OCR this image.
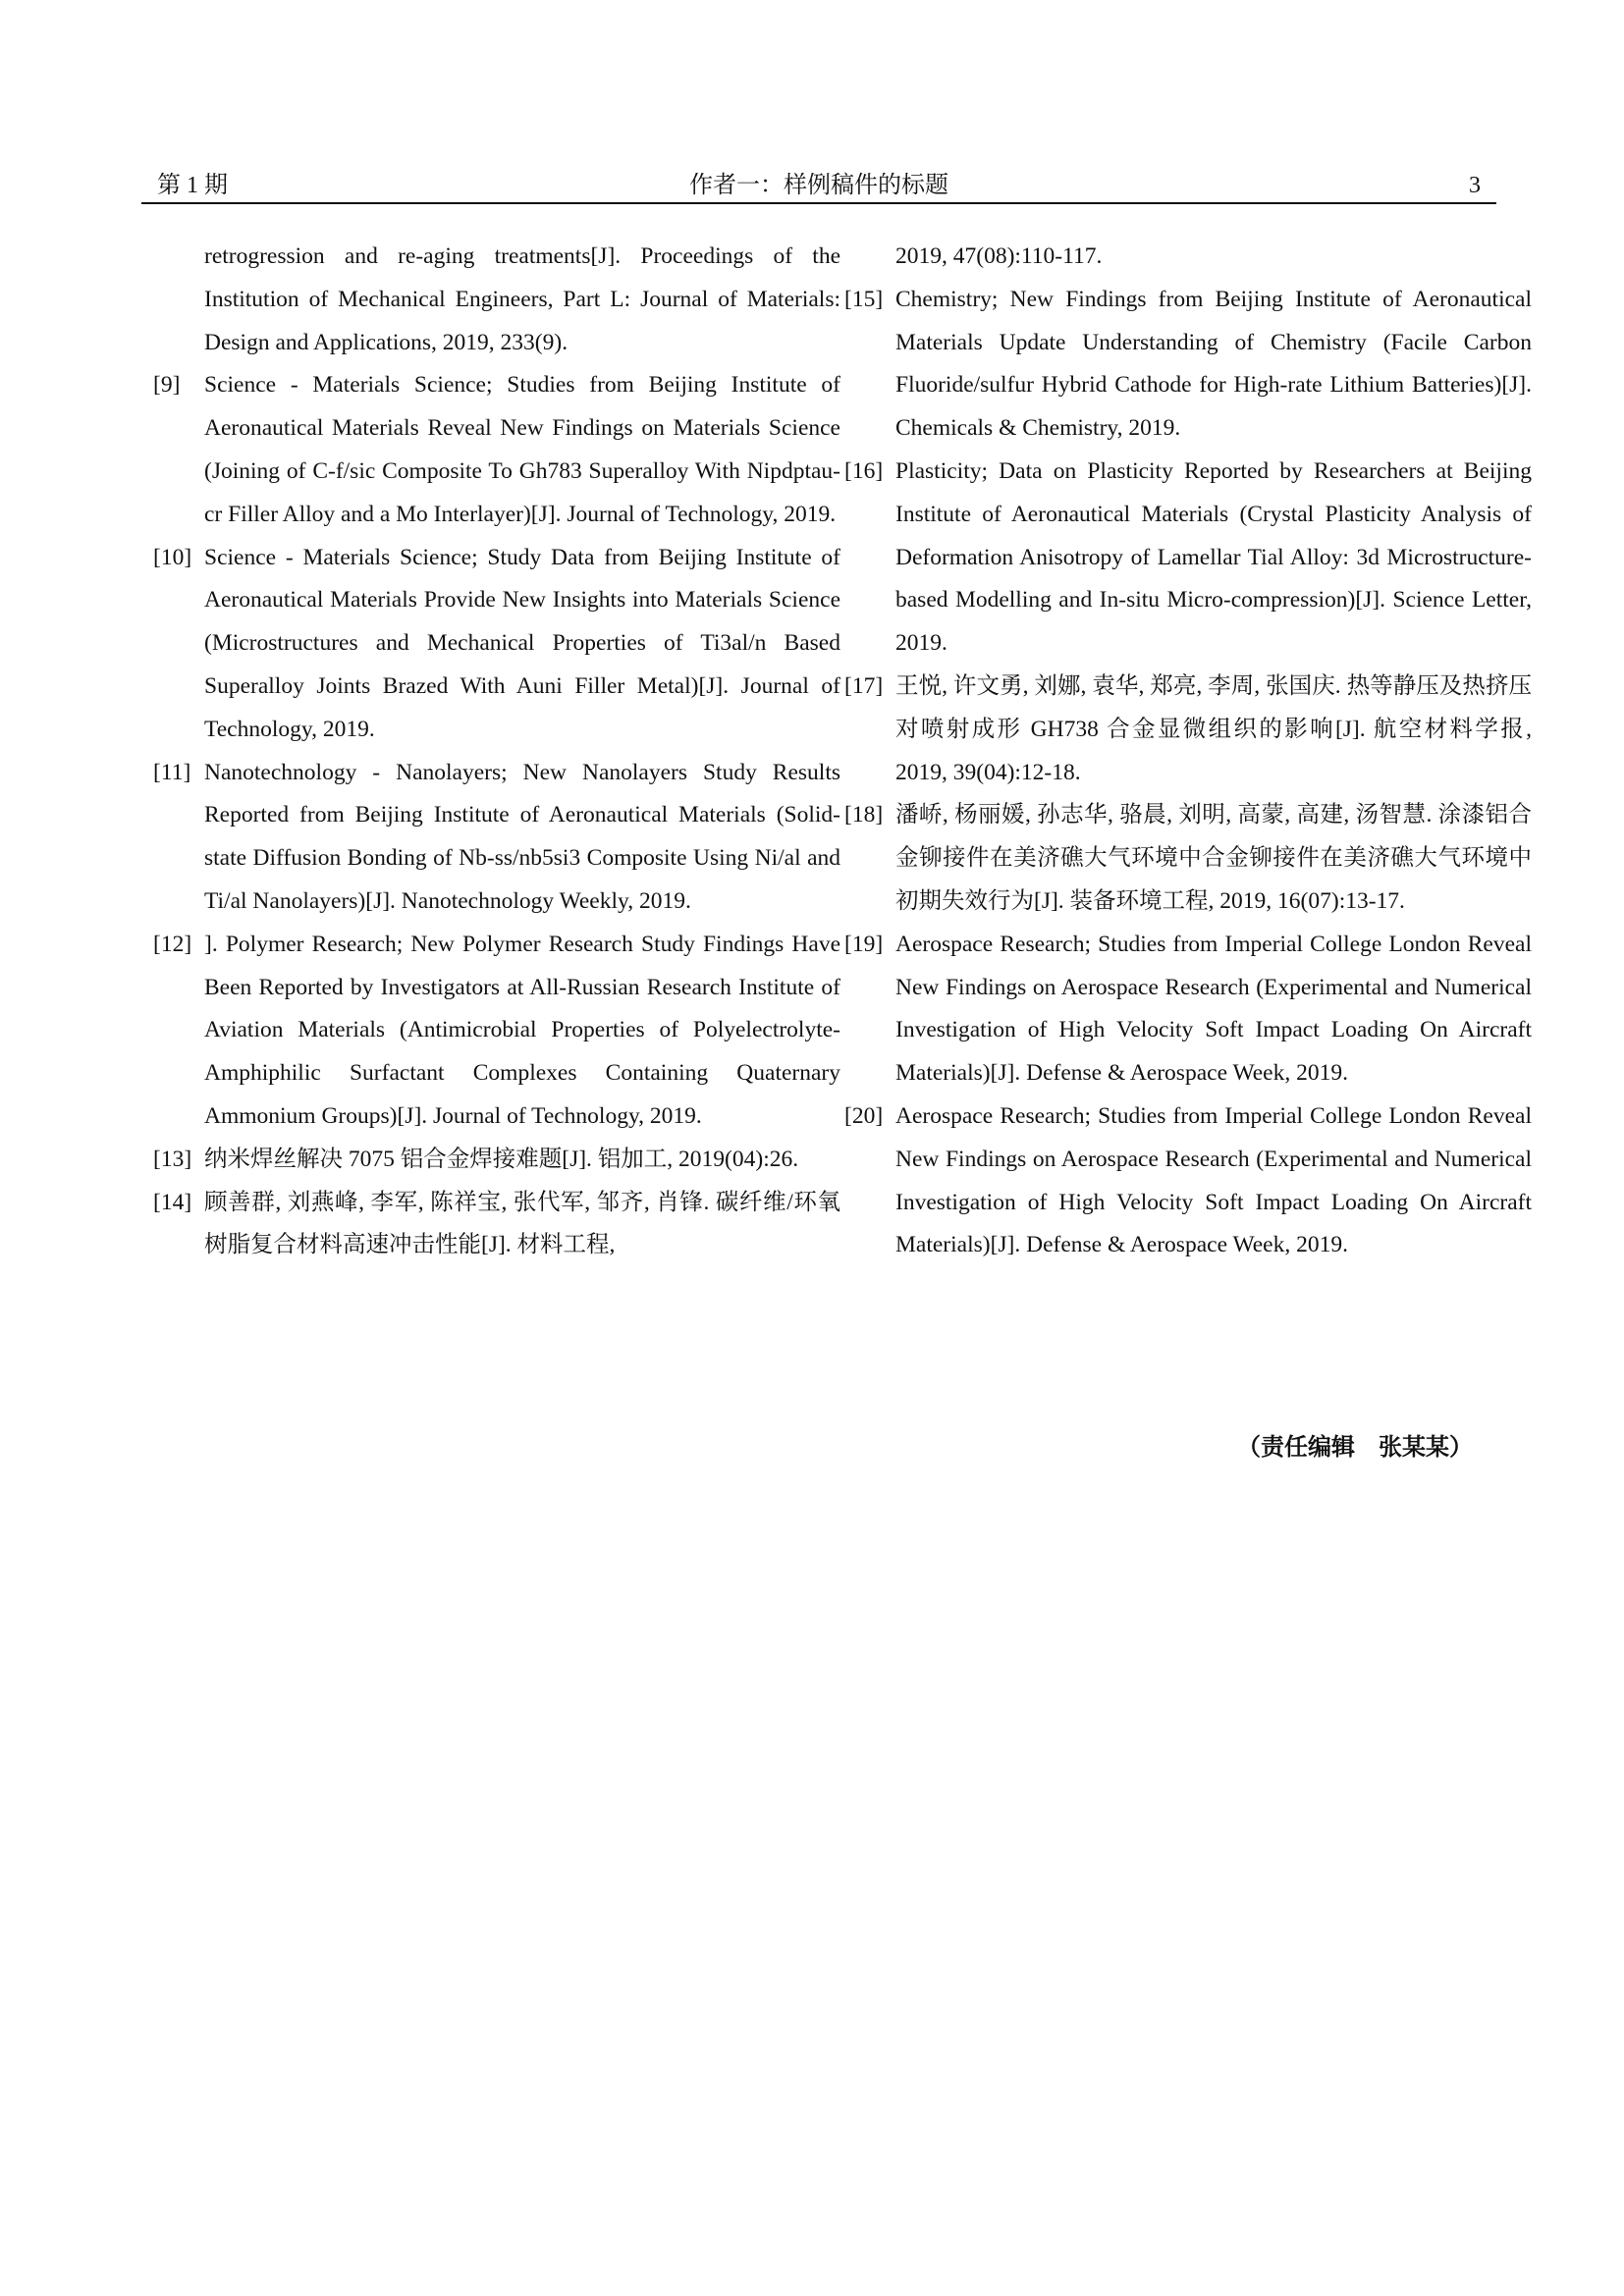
第 1 期	作者一：样例稿件的标题	3
retrogression and re-aging treatments[J]. Proceedings of the Institution of Mechanical Engineers, Part L: Journal of Materials: Design and Applications, 2019, 233(9).
[9] Science - Materials Science; Studies from Beijing Institute of Aeronautical Materials Reveal New Findings on Materials Science (Joining of C-f/sic Composite To Gh783 Superalloy With Nipdptau-cr Filler Alloy and a Mo Interlayer)[J]. Journal of Technology, 2019.
[10] Science - Materials Science; Study Data from Beijing Institute of Aeronautical Materials Provide New Insights into Materials Science (Microstructures and Mechanical Properties of Ti3al/n Based Superalloy Joints Brazed With Auni Filler Metal)[J]. Journal of Technology, 2019.
[11] Nanotechnology - Nanolayers; New Nanolayers Study Results Reported from Beijing Institute of Aeronautical Materials (Solid-state Diffusion Bonding of Nb-ss/nb5si3 Composite Using Ni/al and Ti/al Nanolayers)[J]. Nanotechnology Weekly, 2019.
[12] ]. Polymer Research; New Polymer Research Study Findings Have Been Reported by Investigators at All-Russian Research Institute of Aviation Materials (Antimicrobial Properties of Polyelectrolyte-Amphiphilic Surfactant Complexes Containing Quaternary Ammonium Groups)[J]. Journal of Technology, 2019.
[13] 纳米焊丝解决 7075 铝合金焊接难题[J]. 铝加工, 2019(04):26.
[14] 顾善群, 刘燕峰, 李军, 陈祥宝, 张代军, 邹齐, 肖锋. 碳纤维/环氧树脂复合材料高速冲击性能[J]. 材料工程,
2019, 47(08):110-117.
[15] Chemistry; New Findings from Beijing Institute of Aeronautical Materials Update Understanding of Chemistry (Facile Carbon Fluoride/sulfur Hybrid Cathode for High-rate Lithium Batteries)[J]. Chemicals & Chemistry, 2019.
[16] Plasticity; Data on Plasticity Reported by Researchers at Beijing Institute of Aeronautical Materials (Crystal Plasticity Analysis of Deformation Anisotropy of Lamellar Tial Alloy: 3d Microstructure-based Modelling and In-situ Micro-compression)[J]. Science Letter, 2019.
[17] 王悦, 许文勇, 刘娜, 袁华, 郑亮, 李周, 张国庆. 热等静压及热挤压对喷射成形 GH738 合金显微组织的影响[J]. 航空材料学报, 2019, 39(04):12-18.
[18] 潘峤, 杨丽媛, 孙志华, 骆晨, 刘明, 高蒙, 高建, 汤智慧. 涂漆铝合金铆接件在美济礁大气环境中合金铆接件在美济礁大气环境中初期失效行为[J]. 装备环境工程, 2019, 16(07):13-17.
[19] Aerospace Research; Studies from Imperial College London Reveal New Findings on Aerospace Research (Experimental and Numerical Investigation of High Velocity Soft Impact Loading On Aircraft Materials)[J]. Defense & Aerospace Week, 2019.
[20] Aerospace Research; Studies from Imperial College London Reveal New Findings on Aerospace Research (Experimental and Numerical Investigation of High Velocity Soft Impact Loading On Aircraft Materials)[J]. Defense & Aerospace Week, 2019.
（责任编辑　张某某）
